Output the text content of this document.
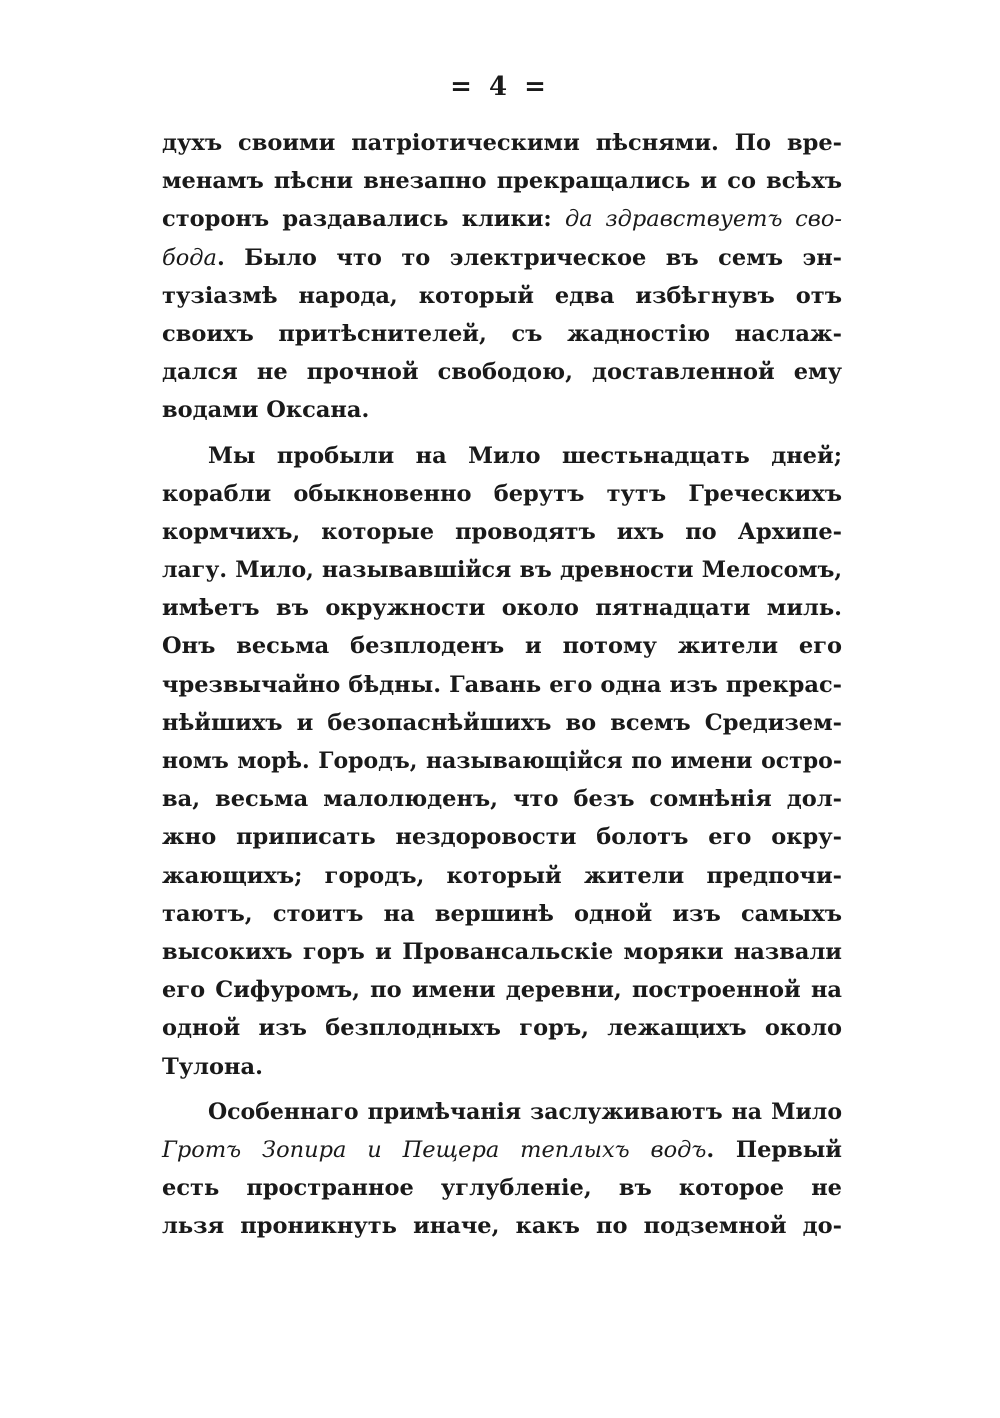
= 4 =
духъ своими патріотическими пѣснями. По вре-
менамъ пѣсни внезапно прекращались и со всѣхъ
сторонъ раздавались клики: да здравствуетъ сво-
бода. Было что то электрическое въ семъ эн-
тузіазмѣ народа, который едва избѣгнувъ отъ
своихъ притѣснителей, съ жадностію наслаж-
дался не прочной свободою, доставленной ему
водами Оксана.
Мы пробыли на Мило шестьнадцать дней;
корабли обыкновенно берутъ тутъ Греческихъ
кормчихъ, которые проводятъ ихъ по Архипе-
лагу. Мило, называвшійся въ древности Мелосомъ,
имѣетъ въ окружности около пятнадцати миль.
Онъ весьма безплоденъ и потому жители его
чрезвычайно бѣдны. Гавань его одна изъ прекрас-
нѣйшихъ и безопаснѣйшихъ во всемъ Средизем-
номъ морѣ. Городъ, называющійся по имени остро-
ва, весьма малолюденъ, что безъ сомнѣнія дол-
жно приписать нездоровости болотъ его окру-
жающихъ; городъ, который жители предпочи-
таютъ, стоитъ на вершинѣ одной изъ самыхъ
высокихъ горъ и Провансальскіе моряки назвали
его Сифуромъ, по имени деревни, построенной на
одной изъ безплодныхъ горъ, лежащихъ около
Тулона.
Особеннаго примѣчанія заслуживаютъ на Мило
Гротъ Зопира и Пещера теплыхъ водъ. Первый
есть пространное углубленіе, въ которое не
льзя проникнуть иначе, какъ по подземной до-
